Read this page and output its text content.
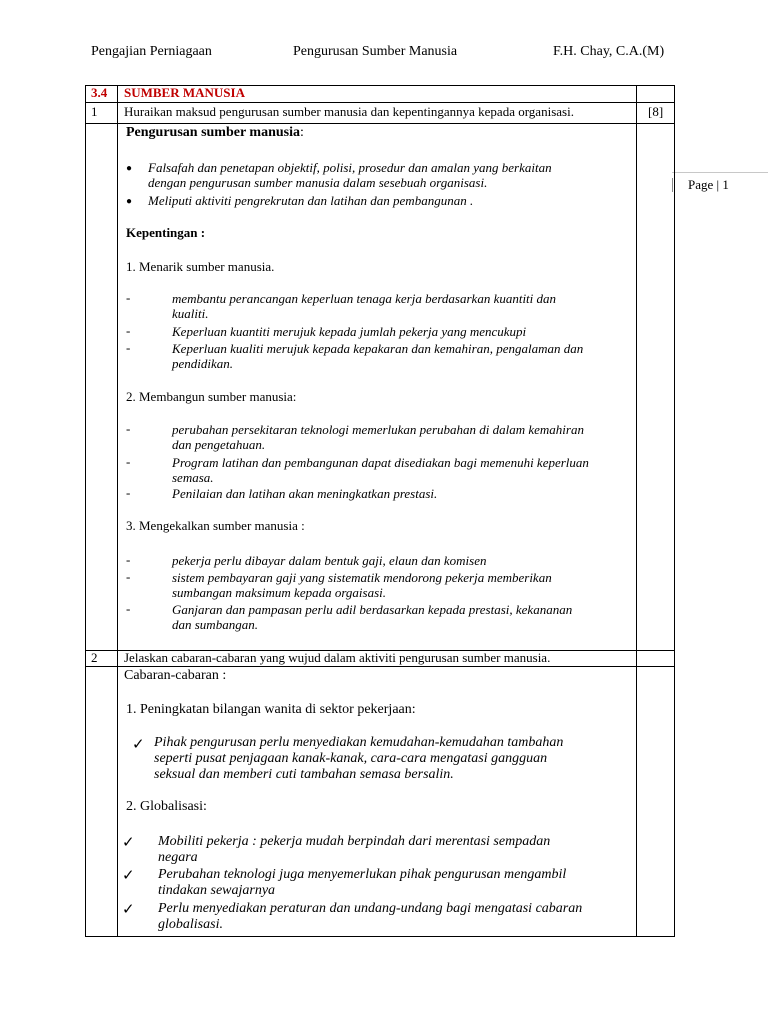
Pengajian Perniagaan	Pengurusan Sumber Manusia	F.H. Chay, C.A.(M)
Page | 1
3.4 SUMBER MANUSIA
1 Huraikan maksud pengurusan sumber manusia dan kepentingannya kepada organisasi.	[8]
Pengurusan sumber manusia:
● Falsafah dan penetapan objektif, polisi, prosedur dan amalan yang berkaitan
dengan pengurusan sumber manusia dalam sesebuah organisasi.
● Meliputi aktiviti pengrekrutan dan latihan dan pembangunan .
Kepentingan :
1. Menarik sumber manusia.
-	membantu perancangan keperluan tenaga kerja berdasarkan kuantiti dan
kualiti.
-	Keperluan kuantiti merujuk kepada jumlah pekerja yang mencukupi
-	Keperluan kualiti merujuk kepada kepakaran dan kemahiran, pengalaman dan
pendidikan.
2. Membangun sumber manusia:
-	perubahan persekitaran teknologi memerlukan perubahan di dalam kemahiran
dan pengetahuan.
-	Program latihan dan pembangunan dapat disediakan bagi memenuhi keperluan
semasa.
-	Penilaian dan latihan akan meningkatkan prestasi.
3. Mengekalkan sumber manusia :
-	pekerja perlu dibayar dalam bentuk gaji, elaun dan komisen
-	sistem pembayaran gaji yang sistematik mendorong pekerja memberikan
sumbangan maksimum kepada orgaisasi.
-	Ganjaran dan pampasan perlu adil berdasarkan kepada prestasi, kekananan
dan sumbangan.
2 Jelaskan cabaran-cabaran yang wujud dalam aktiviti pengurusan sumber manusia.
Cabaran-cabaran :
1. Peningkatan bilangan wanita di sektor pekerjaan:
✓ Pihak pengurusan perlu menyediakan kemudahan-kemudahan tambahan
seperti pusat penjagaan kanak-kanak, cara-cara mengatasi gangguan
seksual dan memberi cuti tambahan semasa bersalin.
2. Globalisasi:
✓ Mobiliti pekerja : pekerja mudah berpindah dari merentasi sempadan
negara
✓ Perubahan teknologi juga menyemerlukan pihak pengurusan mengambil
tindakan sewajarnya
✓ Perlu menyediakan peraturan dan undang-undang bagi mengatasi cabaran
globalisasi.
